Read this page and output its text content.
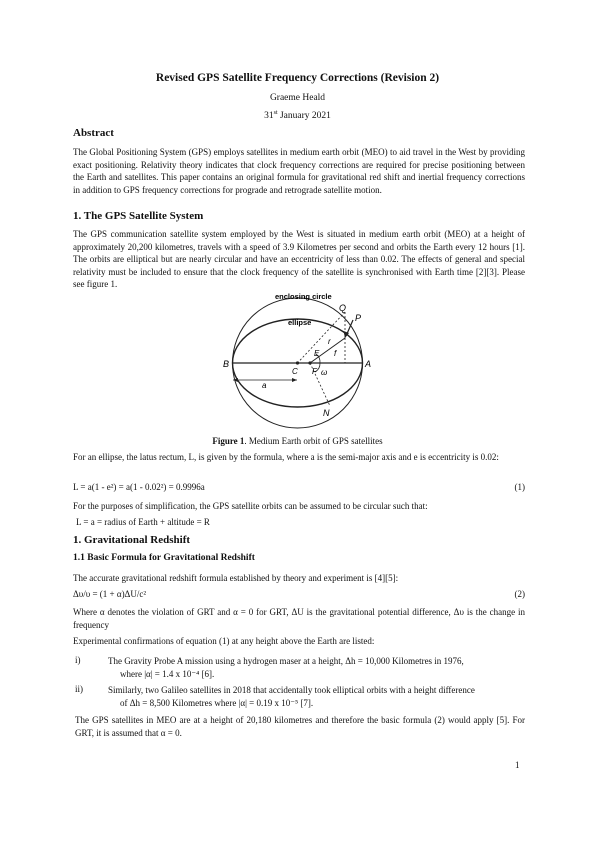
Revised GPS Satellite Frequency Corrections (Revision 2)
Graeme Heald
31st January 2021
Abstract
The Global Positioning System (GPS) employs satellites in medium earth orbit (MEO) to aid travel in the West by providing exact positioning. Relativity theory indicates that clock frequency corrections are required for precise positioning between the Earth and satellites. This paper contains an original formula for gravitational red shift and inertial frequency corrections in addition to GPS frequency corrections for prograde and retrograde satellite motion.
1. The GPS Satellite System
The GPS communication satellite system employed by the West is situated in medium earth orbit (MEO) at a height of approximately 20,200 kilometres, travels with a speed of 3.9 Kilometres per second and orbits the Earth every 12 hours [1]. The orbits are elliptical but are nearly circular and have an eccentricity of less than 0.02. The effects of general and special relativity must be included to ensure that the clock frequency of the satellite is synchronised with Earth time [2][3]. Please see figure 1.
enclosing circle
ellipse
Q
P
r
E f
B
C F
A
a
ω
N
Figure 1. Medium Earth orbit of GPS satellites
For an ellipse, the latus rectum, L, is given by the formula, where a is the semi-major axis and e is eccentricity is 0.02:
L = a(1 - e²) = a(1 - 0.02²) = 0.9996a	(1)
For the purposes of simplification, the GPS satellite orbits can be assumed to be circular such that:
L = a = radius of Earth + altitude = R
1. Gravitational Redshift
1.1 Basic Formula for Gravitational Redshift
The accurate gravitational redshift formula established by theory and experiment is [4][5]:
Δυ/υ = (1 + α)ΔU/c²	(2)
Where α denotes the violation of GRT and α = 0 for GRT, ΔU is the gravitational potential difference, Δυ is the change in frequency
Experimental confirmations of equation (1) at any height above the Earth are listed:
i)	The Gravity Probe A mission using a hydrogen maser at a height, Δh = 10,000 Kilometres in 1976,
where |α| = 1.4 x 10⁻⁴ [6].
ii)	Similarly, two Galileo satellites in 2018 that accidentally took elliptical orbits with a height difference
of Δh = 8,500 Kilometres where |α| = 0.19 x 10⁻⁵ [7].
The GPS satellites in MEO are at a height of 20,180 kilometres and therefore the basic formula (2) would apply [5]. For GRT, it is assumed that α = 0.
1
